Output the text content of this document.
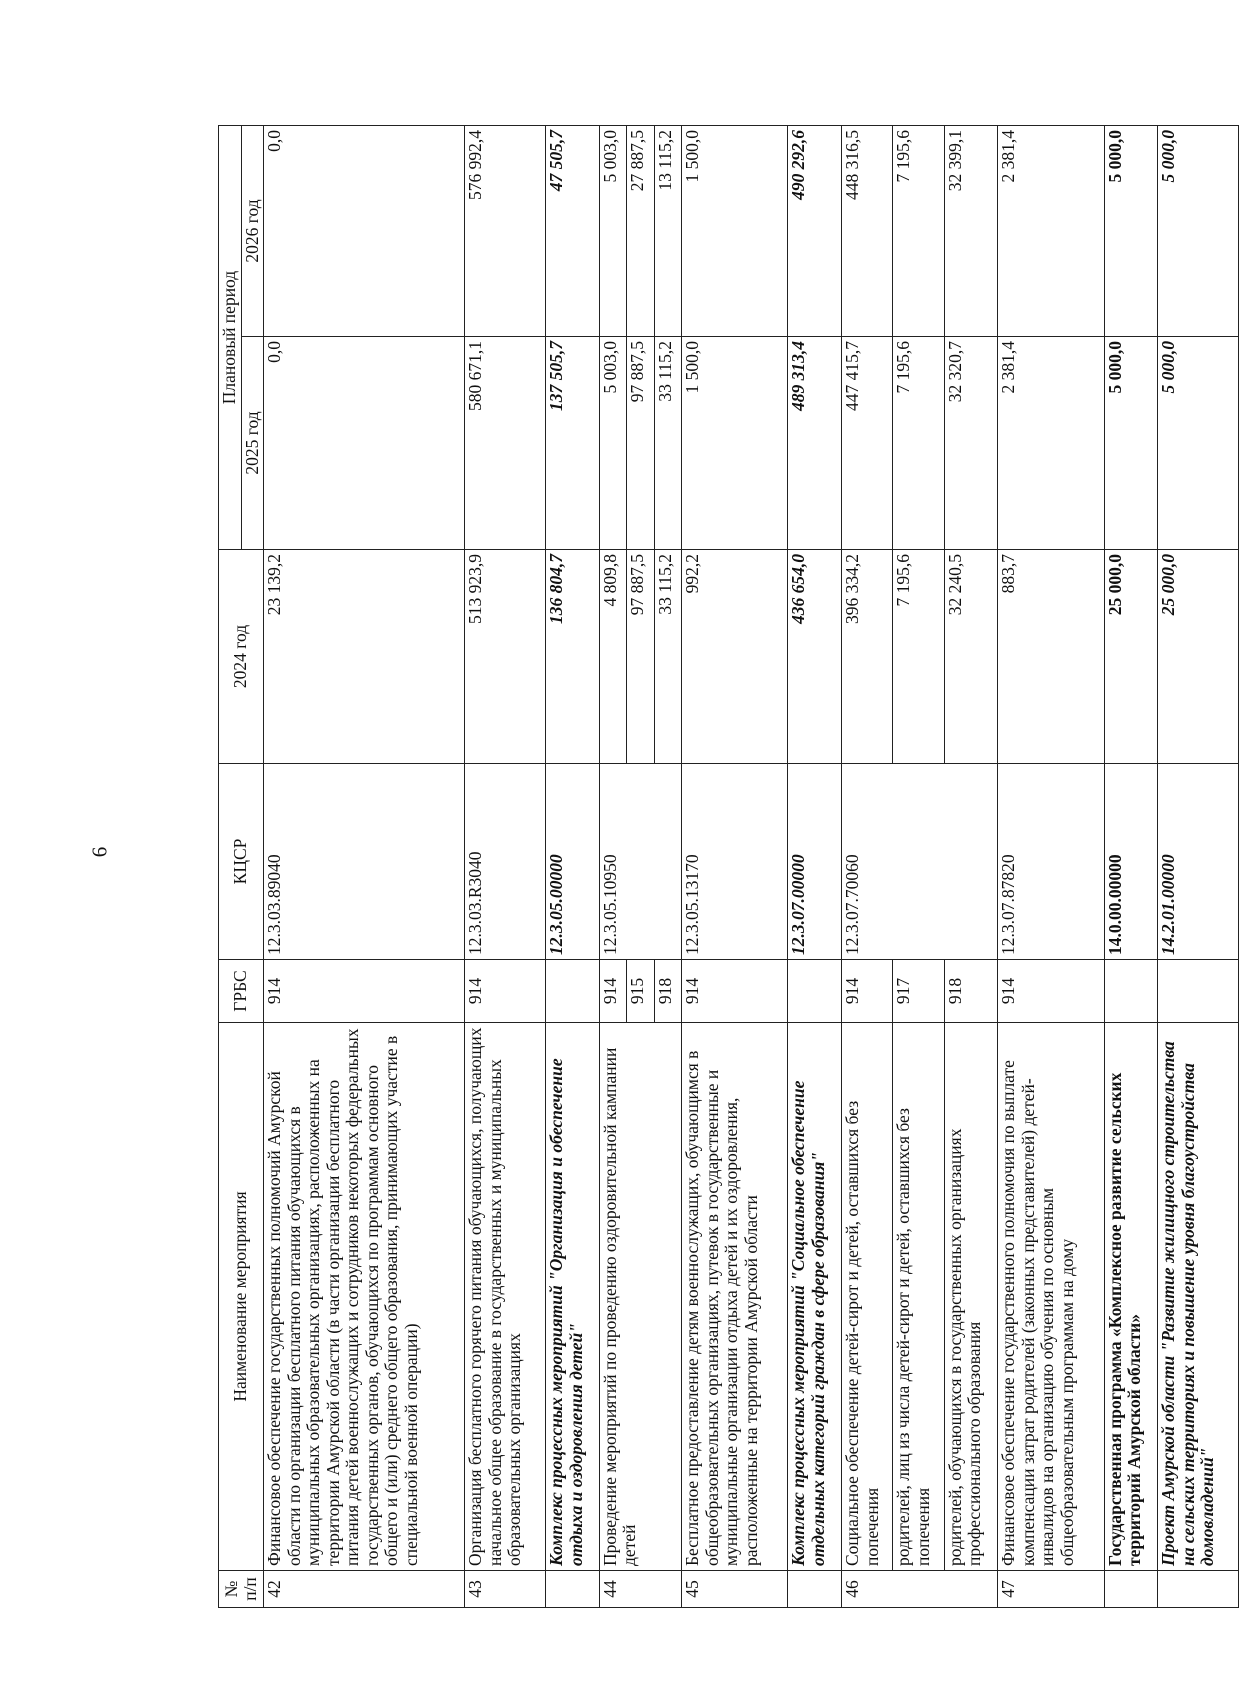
6
№ п/п	Наименование мероприятия	ГРБС	КЦСР	2024 год	Плановый период	
					2025 год	2026 год
42	Финансовое обеспечение государственных полномочий Амурской области по организации бесплатного питания обучающихся в муниципальных образовательных организациях, расположенных на территории Амурской области (в части организации бесплатного питания детей военнослужащих и сотрудников некоторых федеральных государственных органов, обучающихся по программам основного общего и (или) среднего общего образования, принимающих участие в специальной военной операции)	914	12.3.03.89040	23 139,2	0,0	0,0
43	Организация бесплатного горячего питания обучающихся, получающих начальное общее образование в государственных и муниципальных образовательных организациях	914	12.3.03.R3040	513 923,9	580 671,1	576 992,4
	Комплекс процессных мероприятий "Организация и обеспечение отдыха и оздоровления детей"		12.3.05.00000	136 804,7	137 505,7	47 505,7
44	Проведение мероприятий по проведению оздоровительной кампании детей	914	12.3.05.10950	4 809,8	5 003,0	5 003,0
		915		97 887,5	97 887,5	27 887,5
		918		33 115,2	33 115,2	13 115,2
45	Бесплатное предоставление детям военнослужащих, обучающимся в общеобразовательных организациях, путевок в государственные и муниципальные организации отдыха детей и их оздоровления, расположенные на территории Амурской области	914	12.3.05.13170	992,2	1 500,0	1 500,0
	Комплекс процессных мероприятий "Социальное обеспечение отдельных категорий граждан в сфере образования"		12.3.07.00000	436 654,0	489 313,4	490 292,6
46	Социальное обеспечение детей-сирот и детей, оставшихся без попечения	914	12.3.07.70060	396 334,2	447 415,7	448 316,5
	родителей, лиц из числа детей-сирот и детей, оставшихся без попечения	917		7 195,6	7 195,6	7 195,6
	родителей, обучающихся в государственных организациях профессионального образования	918		32 240,5	32 320,7	32 399,1
47	Финансовое обеспечение государственного полномочия по выплате компенсации затрат родителей (законных представителей) детей-инвалидов на организацию обучения по основным общеобразовательным программам на дому	914	12.3.07.87820	883,7	2 381,4	2 381,4
	Государственная программа «Комплексное развитие сельских территорий Амурской области»		14.0.00.00000	25 000,0	5 000,0	5 000,0
	Проект Амурской области "Развитие жилищного строительства на сельских территориях и повышение уровня благоустройства домовладений"		14.2.01.00000	25 000,0	5 000,0	5 000,0
